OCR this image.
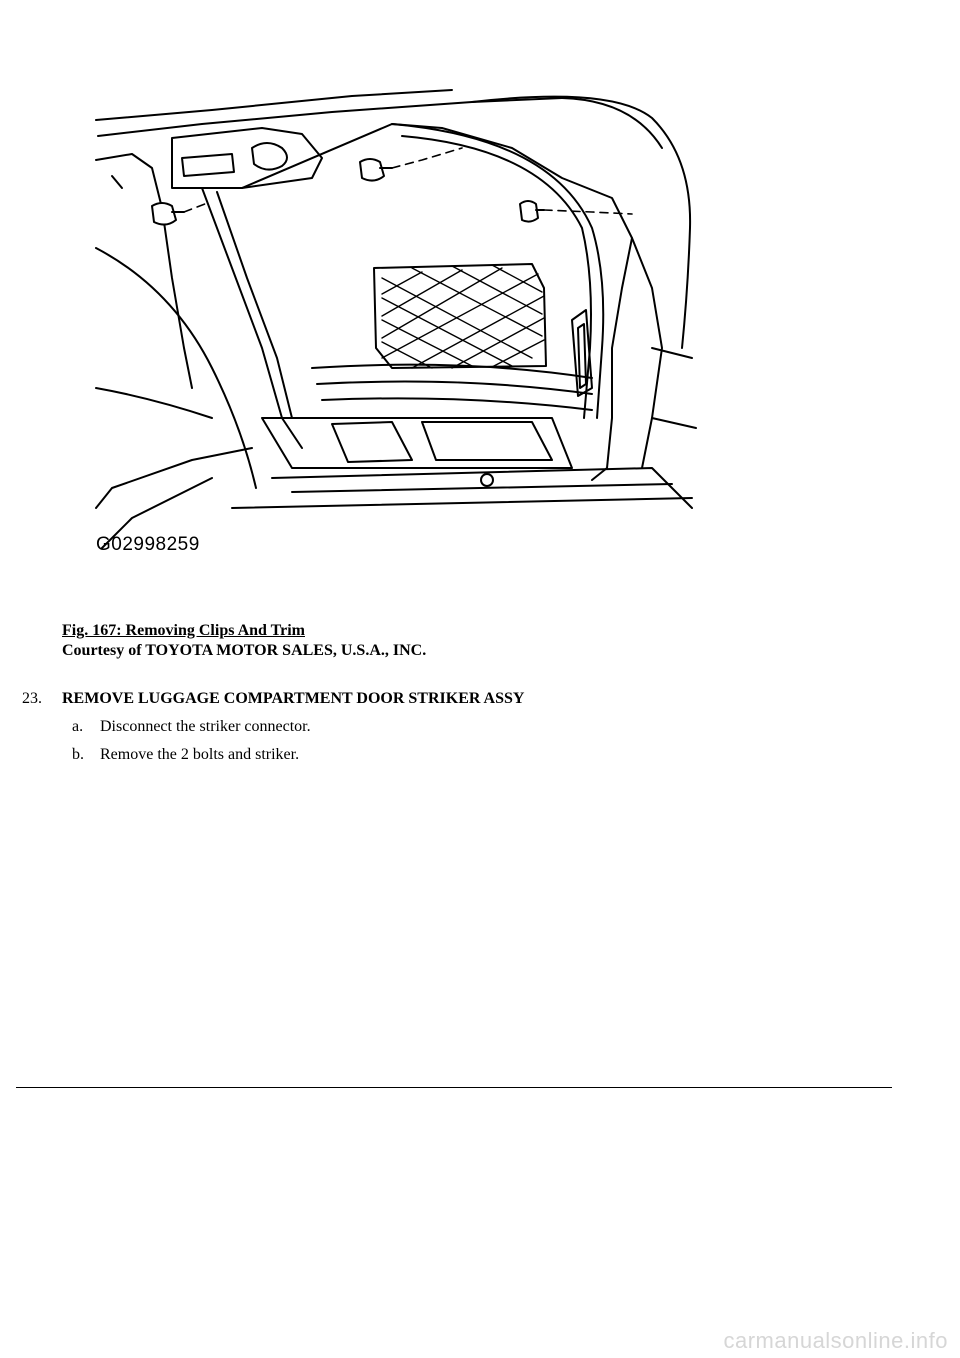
G02998259
Fig. 167: Removing Clips And Trim
Courtesy of TOYOTA MOTOR SALES, U.S.A., INC.
23. REMOVE LUGGAGE COMPARTMENT DOOR STRIKER ASSY
a. Disconnect the striker connector.
b. Remove the 2 bolts and striker.
carmanualsonline.info
